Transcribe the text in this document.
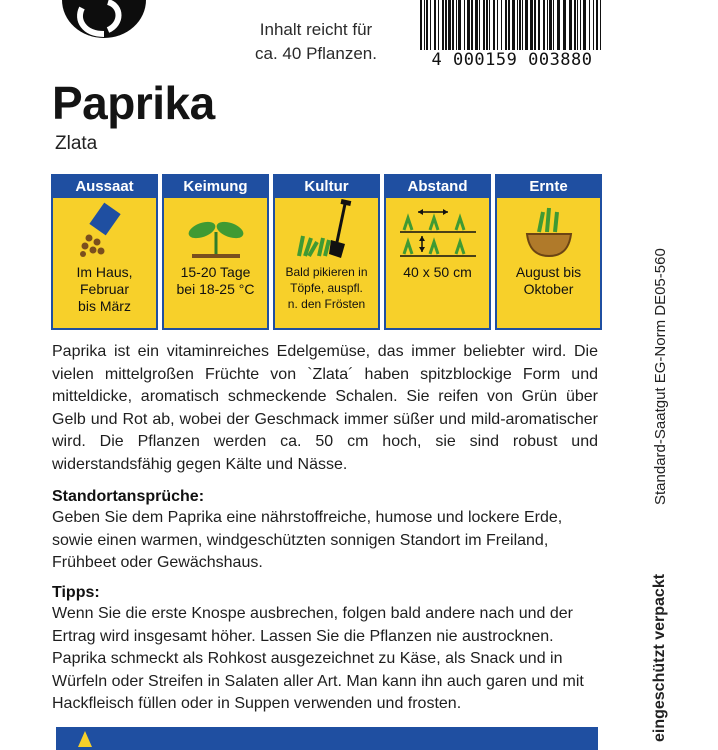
Inhalt reicht für
ca. 40 Pflanzen.	4 000159 003880
Paprika
Zlata
Aussaat
Im Haus,
Februar
bis März
Keimung
15-20 Tage
bei 18-25 °C
Kultur
Bald pikieren in
Töpfe, auspfl.
n. den Frösten
Abstand
40 x 50 cm
Ernte
August bis
Oktober

Paprika ist ein vitaminreiches Edelgemüse, das immer beliebter wird. Die vielen mittelgroßen Früchte von `Zlata´ haben spitzblockige Form und mitteldicke, aromatisch schmeckende Schalen. Sie reifen von Grün über Gelb und Rot ab, wobei der Geschmack immer süßer und mild-aromatischer wird. Die Pflanzen werden ca. 50 cm hoch, sie sind robust und widerstandsfähig gegen Kälte und Nässe.

Standortansprüche:

Geben Sie dem Paprika eine nährstoffreiche, humose und lockere Erde, sowie einen warmen, windgeschützten sonnigen Standort im Freiland, Frühbeet oder Gewächshaus.

Tipps:

Wenn Sie die erste Knospe ausbrechen, folgen bald andere nach und der Ertrag wird insgesamt höher. Lassen Sie die Pflanzen nie austrocknen. Paprika schmeckt als Rohkost ausgezeichnet zu Käse, als Snack und in Würfeln oder Streifen in Salaten aller Art. Man kann ihn auch garen und mit Hackfleisch füllen oder in Suppen verwenden und frosten.

Standard-Saatgut EG-Norm DE05-560
eingeschützt verpackt
